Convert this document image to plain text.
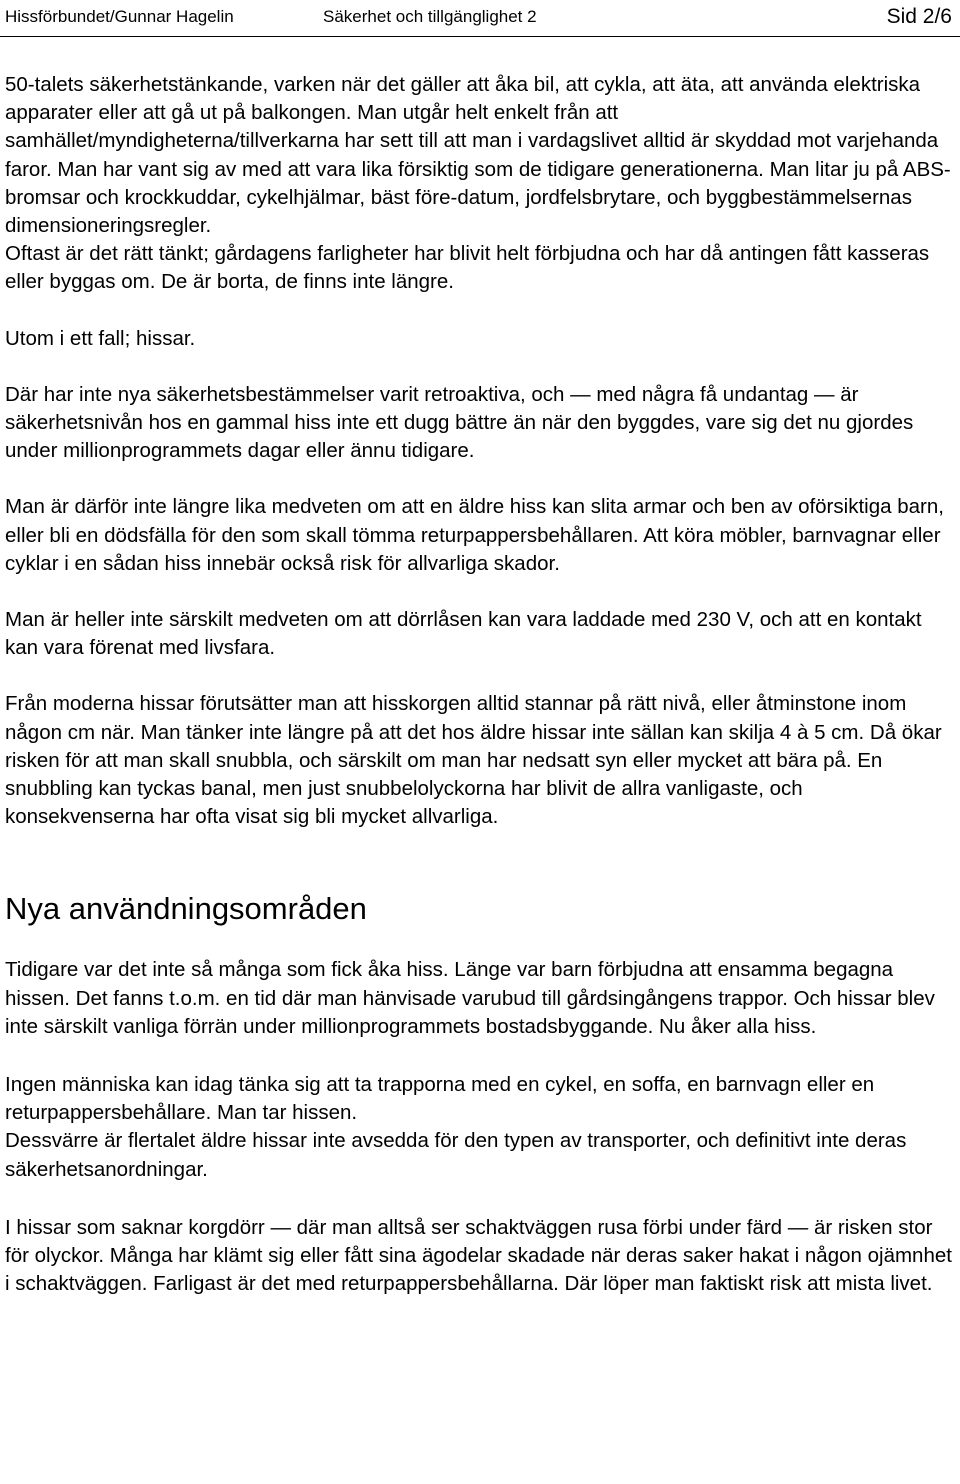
Hissförbundet/Gunnar Hagelin	Säkerhet och tillgänglighet 2	Sid 2/6

50-talets säkerhetstänkande, varken när det gäller att åka bil, att cykla, att äta, att använda elektriska apparater eller att gå ut på balkongen. Man utgår helt enkelt från att samhället/myndigheterna/tillverkarna har sett till att man i vardagslivet alltid är skyddad mot varjehanda faror. Man har vant sig av med att vara lika försiktig som de tidigare generationerna. Man litar ju på ABS-bromsar och krockkuddar, cykelhjälmar, bäst före-datum, jordfelsbrytare, och byggbestämmelsernas dimensioneringsregler.

Oftast är det rätt tänkt; gårdagens farligheter har blivit helt förbjudna och har då antingen fått kasseras eller byggas om. De är borta, de finns inte längre.

Utom i ett fall; hissar.

Där har inte nya säkerhetsbestämmelser varit retroaktiva, och — med några få undantag — är säkerhetsnivån hos en gammal hiss inte ett dugg bättre än när den byggdes, vare sig det nu gjordes under millionprogrammets dagar eller ännu tidigare.

Man är därför inte längre lika medveten om att en äldre hiss kan slita armar och ben av oförsiktiga barn, eller bli en dödsfälla för den som skall tömma returpappersbehållaren. Att köra möbler, barnvagnar eller cyklar i en sådan hiss innebär också risk för allvarliga skador.

Man är heller inte särskilt medveten om att dörrlåsen kan vara laddade med 230 V, och att en kontakt kan vara förenat med livsfara.

Från moderna hissar förutsätter man att hisskorgen alltid stannar på rätt nivå, eller åtminstone inom någon cm när. Man tänker inte längre på att det hos äldre hissar inte sällan kan skilja 4 à 5 cm. Då ökar risken för att man skall snubbla, och särskilt om man har nedsatt syn eller mycket att bära på. En snubbling kan tyckas banal, men just snubbelolyckorna har blivit de allra vanligaste, och konsekvenserna har ofta visat sig bli mycket allvarliga.

Nya användningsområden

Tidigare var det inte så många som fick åka hiss. Länge var barn förbjudna att ensamma begagna hissen. Det fanns t.o.m. en tid där man hänvisade varubud till gårdsingångens trappor. Och hissar blev inte särskilt vanliga förrän under millionprogrammets bostadsbyggande. Nu åker alla hiss.

Ingen människa kan idag tänka sig att ta trapporna med en cykel, en soffa, en barnvagn eller en returpappersbehållare. Man tar hissen.

Dessvärre är flertalet äldre hissar inte avsedda för den typen av transporter, och definitivt inte deras säkerhetsanordningar.

I hissar som saknar korgdörr — där man alltså ser schaktväggen rusa förbi under färd — är risken stor för olyckor. Många har klämt sig eller fått sina ägodelar skadade när deras saker hakat i någon ojämnhet i schaktväggen. Farligast är det med returpappersbehållarna. Där löper man faktiskt risk att mista livet.
